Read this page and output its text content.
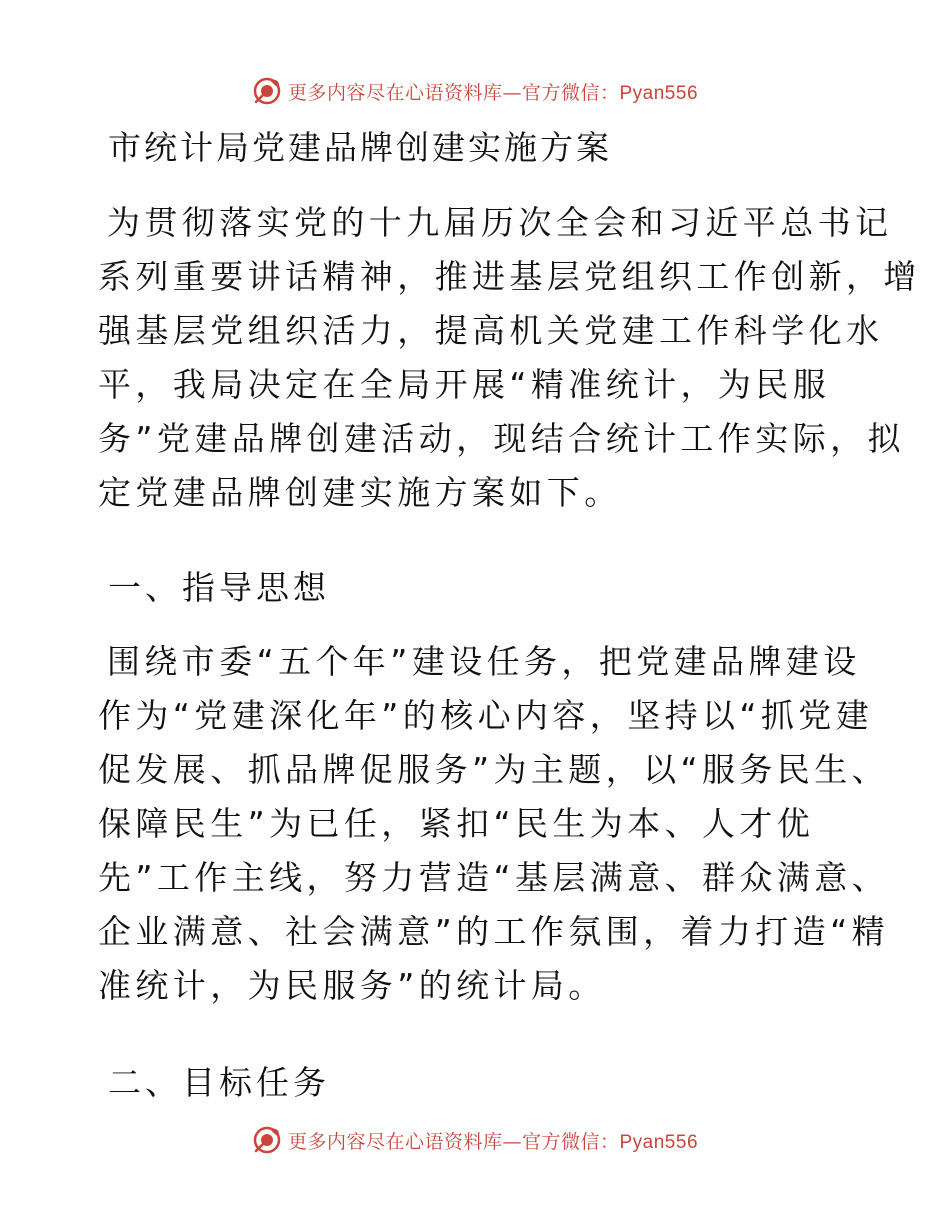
更多内容尽在心语资料库—官方微信：Pyan556
市统计局党建品牌创建实施方案
为贯彻落实党的十九届历次全会和习近平总书记
系列重要讲话精神，推进基层党组织工作创新，增
强基层党组织活力，提高机关党建工作科学化水
平，我局决定在全局开展“精准统计，为民服
务”党建品牌创建活动，现结合统计工作实际，拟
定党建品牌创建实施方案如下。
一、指导思想
围绕市委“五个年”建设任务，把党建品牌建设
作为“党建深化年”的核心内容，坚持以“抓党建
促发展、抓品牌促服务”为主题，以“服务民生、
保障民生”为已任，紧扣“民生为本、人才优
先”工作主线，努力营造“基层满意、群众满意、
企业满意、社会满意”的工作氛围，着力打造“精
准统计，为民服务”的统计局。
二、目标任务
更多内容尽在心语资料库—官方微信：Pyan556
